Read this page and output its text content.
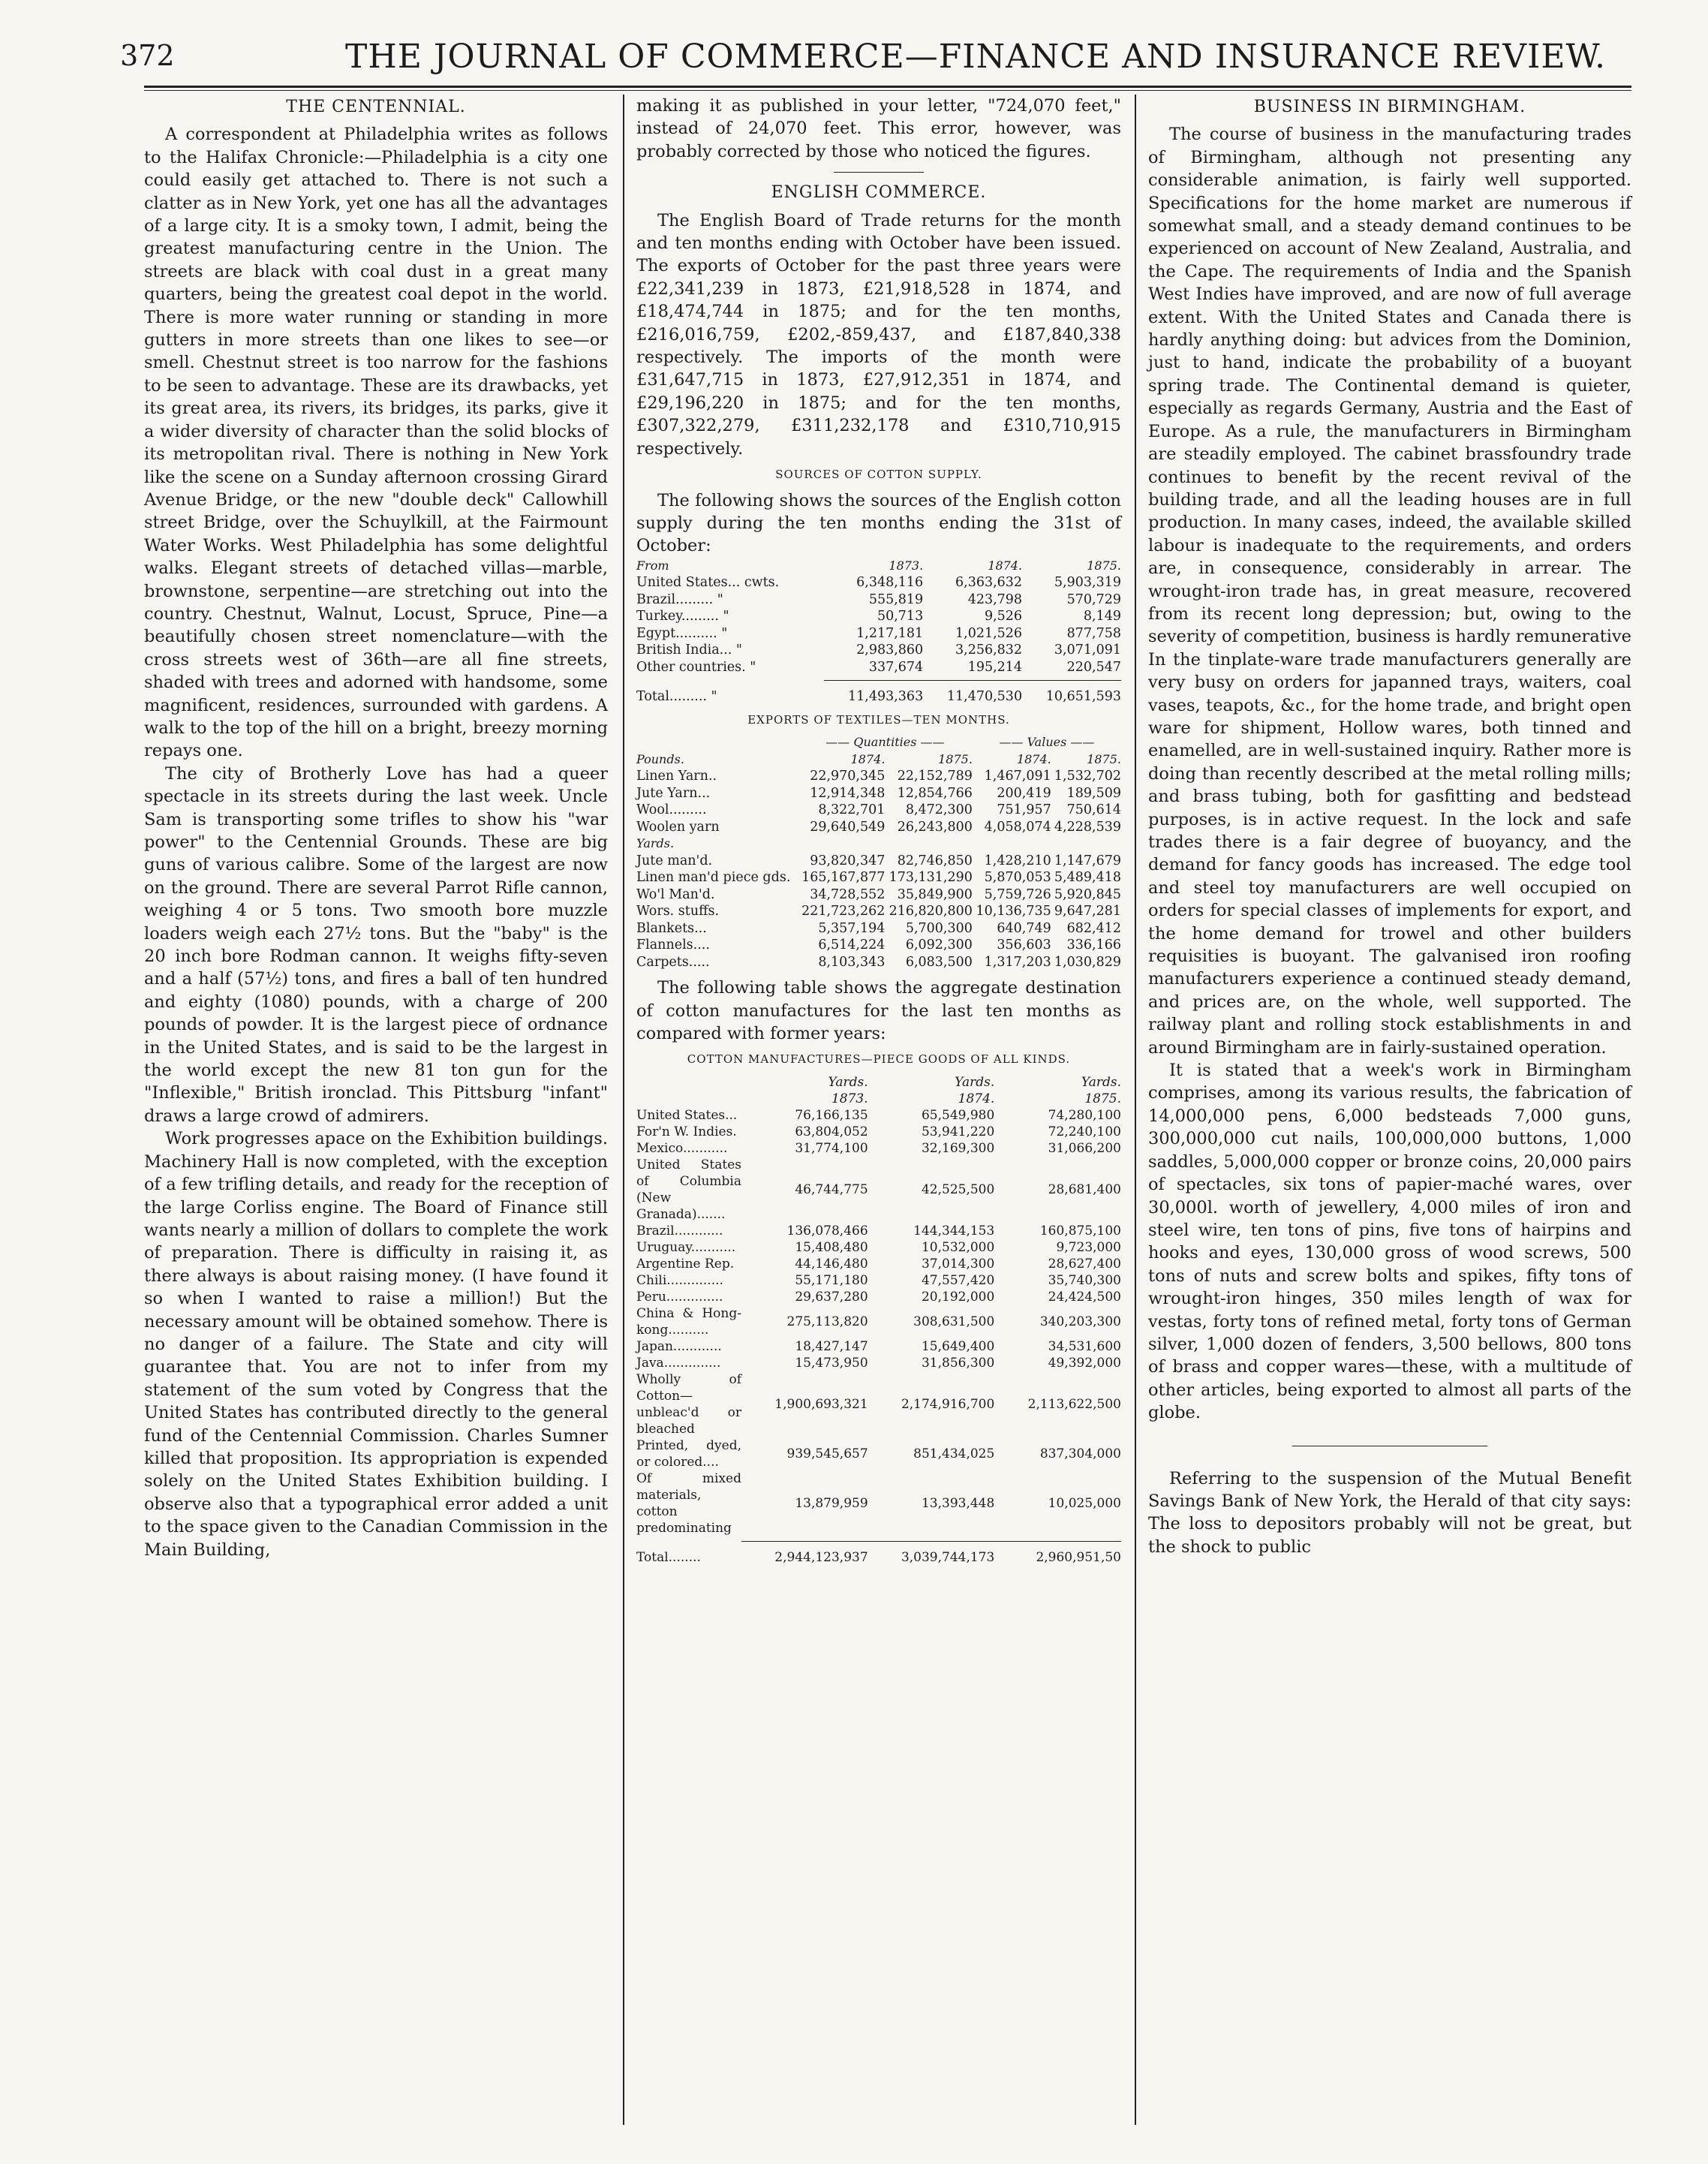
372	THE JOURNAL OF COMMERCE—FINANCE AND INSURANCE REVIEW.

THE CENTENNIAL.

A correspondent at Philadelphia writes as follows to the Halifax Chronicle:—Philadelphia is a city one could easily get attached to. There is not such a clatter as in New York, yet one has all the advantages of a large city. It is a smoky town, I admit, being the greatest manufacturing centre in the Union. The streets are black with coal dust in a great many quarters, being the greatest coal depot in the world. There is more water running or standing in more gutters in more streets than one likes to see—or smell. Chestnut street is too narrow for the fashions to be seen to advantage. These are its drawbacks, yet its great area, its rivers, its bridges, its parks, give it a wider diversity of character than the solid blocks of its metropolitan rival. There is nothing in New York like the scene on a Sunday afternoon crossing Girard Avenue Bridge, or the new "double deck" Callowhill street Bridge, over the Schuylkill, at the Fairmount Water Works. West Philadelphia has some delightful walks. Elegant streets of detached villas—marble, brownstone, serpentine—are stretching out into the country. Chestnut, Walnut, Locust, Spruce, Pine—a beautifully chosen street nomenclature—with the cross streets west of 36th—are all fine streets, shaded with trees and adorned with handsome, some magnificent, residences, surrounded with gardens. A walk to the top of the hill on a bright, breezy morning repays one.

The city of Brotherly Love has had a queer spectacle in its streets during the last week. Uncle Sam is transporting some trifles to show his "war power" to the Centennial Grounds. These are big guns of various calibre. Some of the largest are now on the ground. There are several Parrot Rifle cannon, weighing 4 or 5 tons. Two smooth bore muzzle loaders weigh each 27½ tons. But the "baby" is the 20 inch bore Rodman cannon. It weighs fifty-seven and a half (57½) tons, and fires a ball of ten hundred and eighty (1080) pounds, with a charge of 200 pounds of powder. It is the largest piece of ordnance in the United States, and is said to be the largest in the world except the new 81 ton gun for the "Inflexible," British ironclad. This Pittsburg "infant" draws a large crowd of admirers.

Work progresses apace on the Exhibition buildings. Machinery Hall is now completed, with the exception of a few trifling details, and ready for the reception of the large Corliss engine. The Board of Finance still wants nearly a million of dollars to complete the work of preparation. There is difficulty in raising it, as there always is about raising money. (I have found it so when I wanted to raise a million!) But the necessary amount will be obtained somehow. There is no danger of a failure. The State and city will guarantee that. You are not to infer from my statement of the sum voted by Congress that the United States has contributed directly to the general fund of the Centennial Commission. Charles Sumner killed that proposition. Its appropriation is expended solely on the United States Exhibition building. I observe also that a typographical error added a unit to the space given to the Canadian Commission in the Main Building,

making it as published in your letter, "724,070 feet," instead of 24,070 feet. This error, however, was probably corrected by those who noticed the figures.

ENGLISH COMMERCE.

The English Board of Trade returns for the month and ten months ending with October have been issued. The exports of October for the past three years were £22,341,239 in 1873, £21,918,528 in 1874, and £18,474,744 in 1875; and for the ten months, £216,016,759, £202,-859,437, and £187,840,338 respectively. The imports of the month were £31,647,715 in 1873, £27,912,351 in 1874, and £29,196,220 in 1875; and for the ten months, £307,322,279, £311,232,178 and £310,710,915 respectively.

SOURCES OF COTTON SUPPLY.

The following shows the sources of the English cotton supply during the ten months ending the 31st of October:

From	1873.	1874.	1875.
United States... cwts.	6,348,116	6,363,632	5,903,319
Brazil......... "	555,819	423,798	570,729
Turkey......... "	50,713	9,526	8,149
Egypt.......... "	1,217,181	1,021,526	877,758
British India... "	2,983,860	3,256,832	3,071,091
Other countries. "	337,674	195,214	220,547

Total......... "	11,493,363	11,470,530	10,651,593

EXPORTS OF TEXTILES—TEN MONTHS.

	—— Quantities ——		—— Values ——	
Pounds.	1874.	1875.	1874.	1875.
Linen Yarn..	22,970,345	22,152,789	1,467,091	1,532,702
Jute Yarn...	12,914,348	12,854,766	200,419	189,509
Wool.........	8,322,701	8,472,300	751,957	750,614
Woolen yarn	29,640,549	26,243,800	4,058,074	4,228,539
Yards.				
Jute man'd.	93,820,347	82,746,850	1,428,210	1,147,679
Linen man'd piece gds.	165,167,877	173,131,290	5,870,053	5,489,418
Wo'l Man'd.	34,728,552	35,849,900	5,759,726	5,920,845
Wors. stuffs.	221,723,262	216,820,800	10,136,735	9,647,281
Blankets...	5,357,194	5,700,300	640,749	682,412
Flannels....	6,514,224	6,092,300	356,603	336,166
Carpets.....	8,103,343	6,083,500	1,317,203	1,030,829

The following table shows the aggregate destination of cotton manufactures for the last ten months as compared with former years:

COTTON MANUFACTURES—PIECE GOODS OF ALL KINDS.

	Yards.	Yards.	Yards.
	1873.	1874.	1875.
United States...	76,166,135	65,549,980	74,280,100
For'n W. Indies.	63,804,052	53,941,220	72,240,100
Mexico...........	31,774,100	32,169,300	31,066,200
United States of Columbia (New Granada).......	46,744,775	42,525,500	28,681,400
Brazil............	136,078,466	144,344,153	160,875,100
Uruguay...........	15,408,480	10,532,000	9,723,000
Argentine Rep.	44,146,480	37,014,300	28,627,400
Chili..............	55,171,180	47,557,420	35,740,300
Peru..............	29,637,280	20,192,000	24,424,500
China & Hong-kong..........	275,113,820	308,631,500	340,203,300
Japan............	18,427,147	15,649,400	34,531,600
Java..............	15,473,950	31,856,300	49,392,000
Wholly of Cotton—unbleac'd or bleached	1,900,693,321	2,174,916,700	2,113,622,500
Printed, dyed, or colored....	939,545,657	851,434,025	837,304,000
Of mixed materials, cotton predominating	13,879,959	13,393,448	10,025,000

Total........	2,944,123,937	3,039,744,173	2,960,951,50

BUSINESS IN BIRMINGHAM.

The course of business in the manufacturing trades of Birmingham, although not presenting any considerable animation, is fairly well supported. Specifications for the home market are numerous if somewhat small, and a steady demand continues to be experienced on account of New Zealand, Australia, and the Cape. The requirements of India and the Spanish West Indies have improved, and are now of full average extent. With the United States and Canada there is hardly anything doing: but advices from the Dominion, just to hand, indicate the probability of a buoyant spring trade. The Continental demand is quieter, especially as regards Germany, Austria and the East of Europe. As a rule, the manufacturers in Birmingham are steadily employed. The cabinet brassfoundry trade continues to benefit by the recent revival of the building trade, and all the leading houses are in full production. In many cases, indeed, the available skilled labour is inadequate to the requirements, and orders are, in consequence, considerably in arrear. The wrought-iron trade has, in great measure, recovered from its recent long depression; but, owing to the severity of competition, business is hardly remunerative In the tinplate-ware trade manufacturers generally are very busy on orders for japanned trays, waiters, coal vases, teapots, &c., for the home trade, and bright open ware for shipment, Hollow wares, both tinned and enamelled, are in well-sustained inquiry. Rather more is doing than recently described at the metal rolling mills; and brass tubing, both for gasfitting and bedstead purposes, is in active request. In the lock and safe trades there is a fair degree of buoyancy, and the demand for fancy goods has increased. The edge tool and steel toy manufacturers are well occupied on orders for special classes of implements for export, and the home demand for trowel and other builders requisities is buoyant. The galvanised iron roofing manufacturers experience a continued steady demand, and prices are, on the whole, well supported. The railway plant and rolling stock establishments in and around Birmingham are in fairly-sustained operation.

It is stated that a week's work in Birmingham comprises, among its various results, the fabrication of 14,000,000 pens, 6,000 bedsteads 7,000 guns, 300,000,000 cut nails, 100,000,000 buttons, 1,000 saddles, 5,000,000 copper or bronze coins, 20,000 pairs of spectacles, six tons of papier-maché wares, over 30,000l. worth of jewellery, 4,000 miles of iron and steel wire, ten tons of pins, five tons of hairpins and hooks and eyes, 130,000 gross of wood screws, 500 tons of nuts and screw bolts and spikes, fifty tons of wrought-iron hinges, 350 miles length of wax for vestas, forty tons of refined metal, forty tons of German silver, 1,000 dozen of fenders, 3,500 bellows, 800 tons of brass and copper wares—these, with a multitude of other articles, being exported to almost all parts of the globe.

Referring to the suspension of the Mutual Benefit Savings Bank of New York, the Herald of that city says: The loss to depositors probably will not be great, but the shock to public
